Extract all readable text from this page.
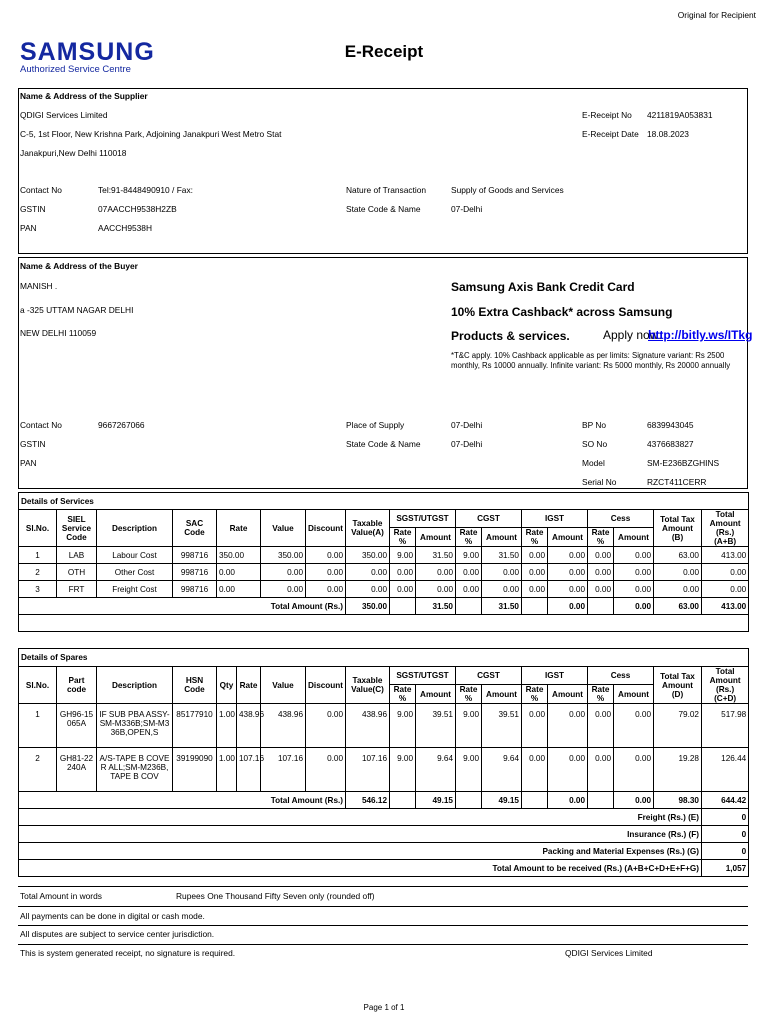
Original for Recipient
SAMSUNG
Authorized Service Centre
E-Receipt
Name & Address of the Supplier
QDIGI Services Limited
C-5, 1st Floor, New Krishna Park, Adjoining Janakpuri West Metro Stat
Janakpuri,New Delhi 110018
E-Receipt No 4211819A053831
E-Receipt Date 18.08.2023
Contact No	Tel:91-8448490910 / Fax:
GSTIN	07AACCH9538H2ZB
PAN	AACCH9538H
Nature of Transaction	Supply of Goods and Services
State Code & Name	07-Delhi
Name & Address of the Buyer
MANISH .
a -325 UTTAM NAGAR DELHI
NEW DELHI 110059
Samsung Axis Bank Credit Card
10% Extra Cashback* across Samsung
Products & services.	Apply now:
http://bitly.ws/ITkg
*T&C apply. 10% Cashback applicable as per limits: Signature variant: Rs 2500 monthly, Rs 10000 annually. Infinite variant: Rs 5000 monthly, Rs 20000 annually
Contact No	9667267066
GSTIN
PAN
Place of Supply	07-Delhi
State Code & Name	07-Delhi
BP No	6839943045
SO No	4376683827
Model	SM-E236BZGHINS
Serial No	RZCT411CERR
Details of Services																	
Sl.No.	SIEL Service Code	Description	SAC Code	Rate	Value	Discount	Taxable Value(A)	SGST/UTGST		CGST		IGST		Cess		Total Tax Amount (B)	Total Amount (Rs.) (A+B)
								Rate %	Amount	Rate %	Amount	Rate %	Amount	Rate %	Amount		
1	LAB	Labour Cost	998716	350.00	350.00	0.00	350.00	9.00	31.50	9.00	31.50	0.00	0.00	0.00	0.00	63.00	413.00
2	OTH	Other Cost	998716	0.00	0.00	0.00	0.00	0.00	0.00	0.00	0.00	0.00	0.00	0.00	0.00	0.00	0.00
3	FRT	Freight Cost	998716	0.00	0.00	0.00	0.00	0.00	0.00	0.00	0.00	0.00	0.00	0.00	0.00	0.00	0.00
Total Amount (Rs.)							350.00		31.50		31.50		0.00		0.00	63.00	413.00

Details of Spares																		
Sl.No.	Part code	Description	HSN Code	Qty	Rate	Value	Discount	Taxable Value(C)	SGST/UTGST		CGST		IGST		Cess		Total Tax Amount (D)	Total Amount (Rs.) (C+D)
									Rate %	Amount	Rate %	Amount	Rate %	Amount	Rate %	Amount		
1	GH96-15065A	IF SUB PBA ASSY-SM-M336B;SM-M336B,OPEN,S	85177910	1.00	438.96	438.96	0.00	438.96	9.00	39.51	9.00	39.51	0.00	0.00	0.00	0.00	79.02	517.98
2	GH81-22240A	A/S-TAPE B COVER ALL;SM-M236B,TAPE B COV	39199090	1.00	107.16	107.16	0.00	107.16	9.00	9.64	9.00	9.64	0.00	0.00	0.00	0.00	19.28	126.44
Total Amount (Rs.)								546.12		49.15		49.15		0.00		0.00	98.30	644.42
Freight (Rs.) (E)																		0
Insurance (Rs.) (F)																		0
Packing and Material Expenses (Rs.) (G)																		0
Total Amount to be received (Rs.) (A+B+C+D+E+F+G)																		1,057
Total Amount in words	Rupees One Thousand Fifty Seven only (rounded off)
All payments can be done in digital or cash mode.
All disputes are subject to service center jurisdiction.
This is system generated receipt, no signature is required.	QDIGI Services Limited
Page 1 of 1
